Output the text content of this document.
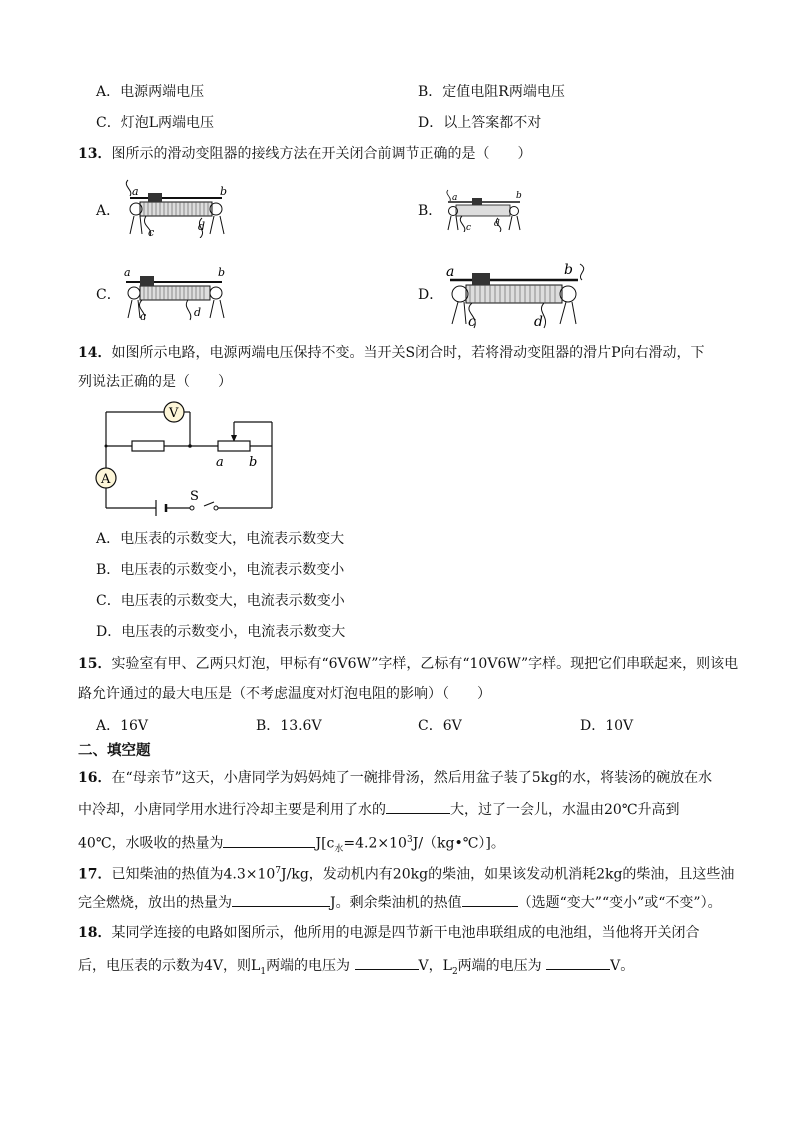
A．电源两端电压	B．定值电阻R两端电压
C．灯泡L两端电压	D．以上答案都不对
13．图所示的滑动变阻器的接线方法在开关闭合前调节正确的是（　　）
A．	B．
C．	D．
a	b
c	d
a	b
c	d
a	b
c	d
a	b
c	d
14．如图所示电路，电源两端电压保持不变。当开关S闭合时，若将滑动变阻器的滑片P向右滑动，下
列说法正确的是（　　）
V
A
S
a b
A．电压表的示数变大，电流表示数变大
B．电压表的示数变小，电流表示数变小
C．电压表的示数变大，电流表示数变小
D．电压表的示数变小，电流表示数变大
15．实验室有甲、乙两只灯泡，甲标有“6V6W”字样，乙标有“10V6W”字样。现把它们串联起来，则该电
路允许通过的最大电压是（不考虑温度对灯泡电阻的影响）（　　）
A．16V	B．13.6V	C．6V	D．10V
二、填空题
16．在“母亲节”这天，小唐同学为妈妈炖了一碗排骨汤，然后用盆子装了5kg的水，将装汤的碗放在水
中冷却，小唐同学用水进行冷却主要是利用了水的	大，过了一会儿，水温由20℃升高到
40℃，水吸收的热量为	$J[c_水=4.2\times 10^3J/(kg•℃)]$。
17．已知柴油的热值为$4.3\times 10^7J/kg$，发动机内有20kg的柴油，如果该发动机消耗2kg的柴油，且这些油
完全燃烧，放出的热量为	J。剩余柴油机的热值	（选题“变大”“变小”或“不变”）。
18．某同学连接的电路如图所示，他所用的电源是四节新干电池串联组成的电池组，当他将开关闭合
后，电压表的示数为4V，则$L_1$两端的电压为	V，$L_2$两端的电压为	V。
